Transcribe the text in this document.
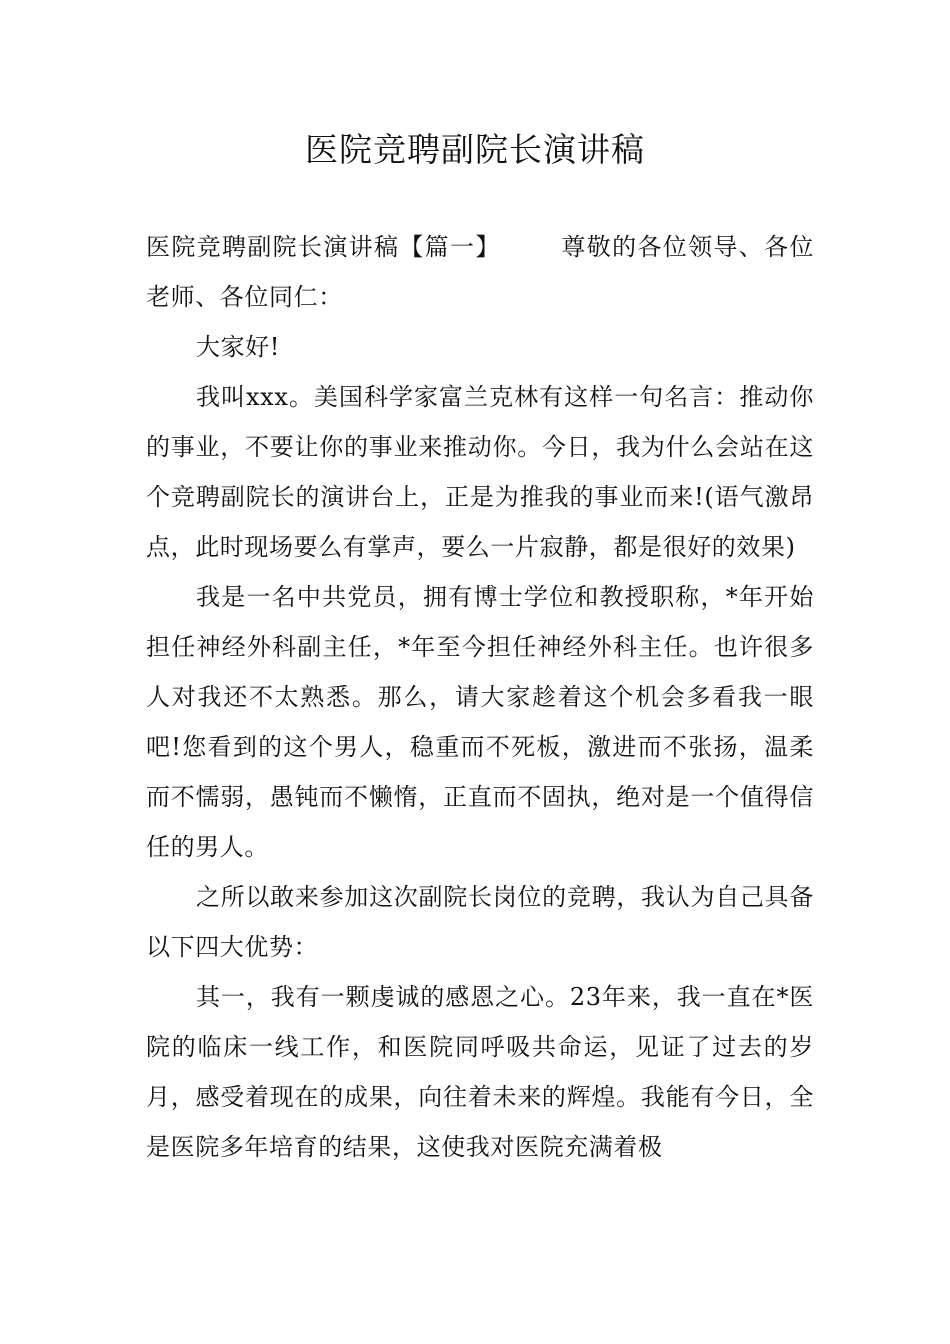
医院竞聘副院长演讲稿

医院竞聘副院长演讲稿【篇一】	尊敬的各位领导、各位老师、各位同仁：

大家好!

我叫xxx。美国科学家富兰克林有这样一句名言：推动你的事业，不要让你的事业来推动你。今日，我为什么会站在这个竞聘副院长的演讲台上，正是为推我的事业而来!(语气激昂点，此时现场要么有掌声，要么一片寂静，都是很好的效果)

我是一名中共党员，拥有博士学位和教授职称，*年开始担任神经外科副主任，*年至今担任神经外科主任。也许很多人对我还不太熟悉。那么，请大家趁着这个机会多看我一眼吧!您看到的这个男人，稳重而不死板，激进而不张扬，温柔而不懦弱，愚钝而不懒惰，正直而不固执，绝对是一个值得信任的男人。

之所以敢来参加这次副院长岗位的竞聘，我认为自己具备以下四大优势：

其一，我有一颗虔诚的感恩之心。23年来，我一直在*医院的临床一线工作，和医院同呼吸共命运，见证了过去的岁月，感受着现在的成果，向往着未来的辉煌。我能有今日，全是医院多年培育的结果，这使我对医院充满着极
